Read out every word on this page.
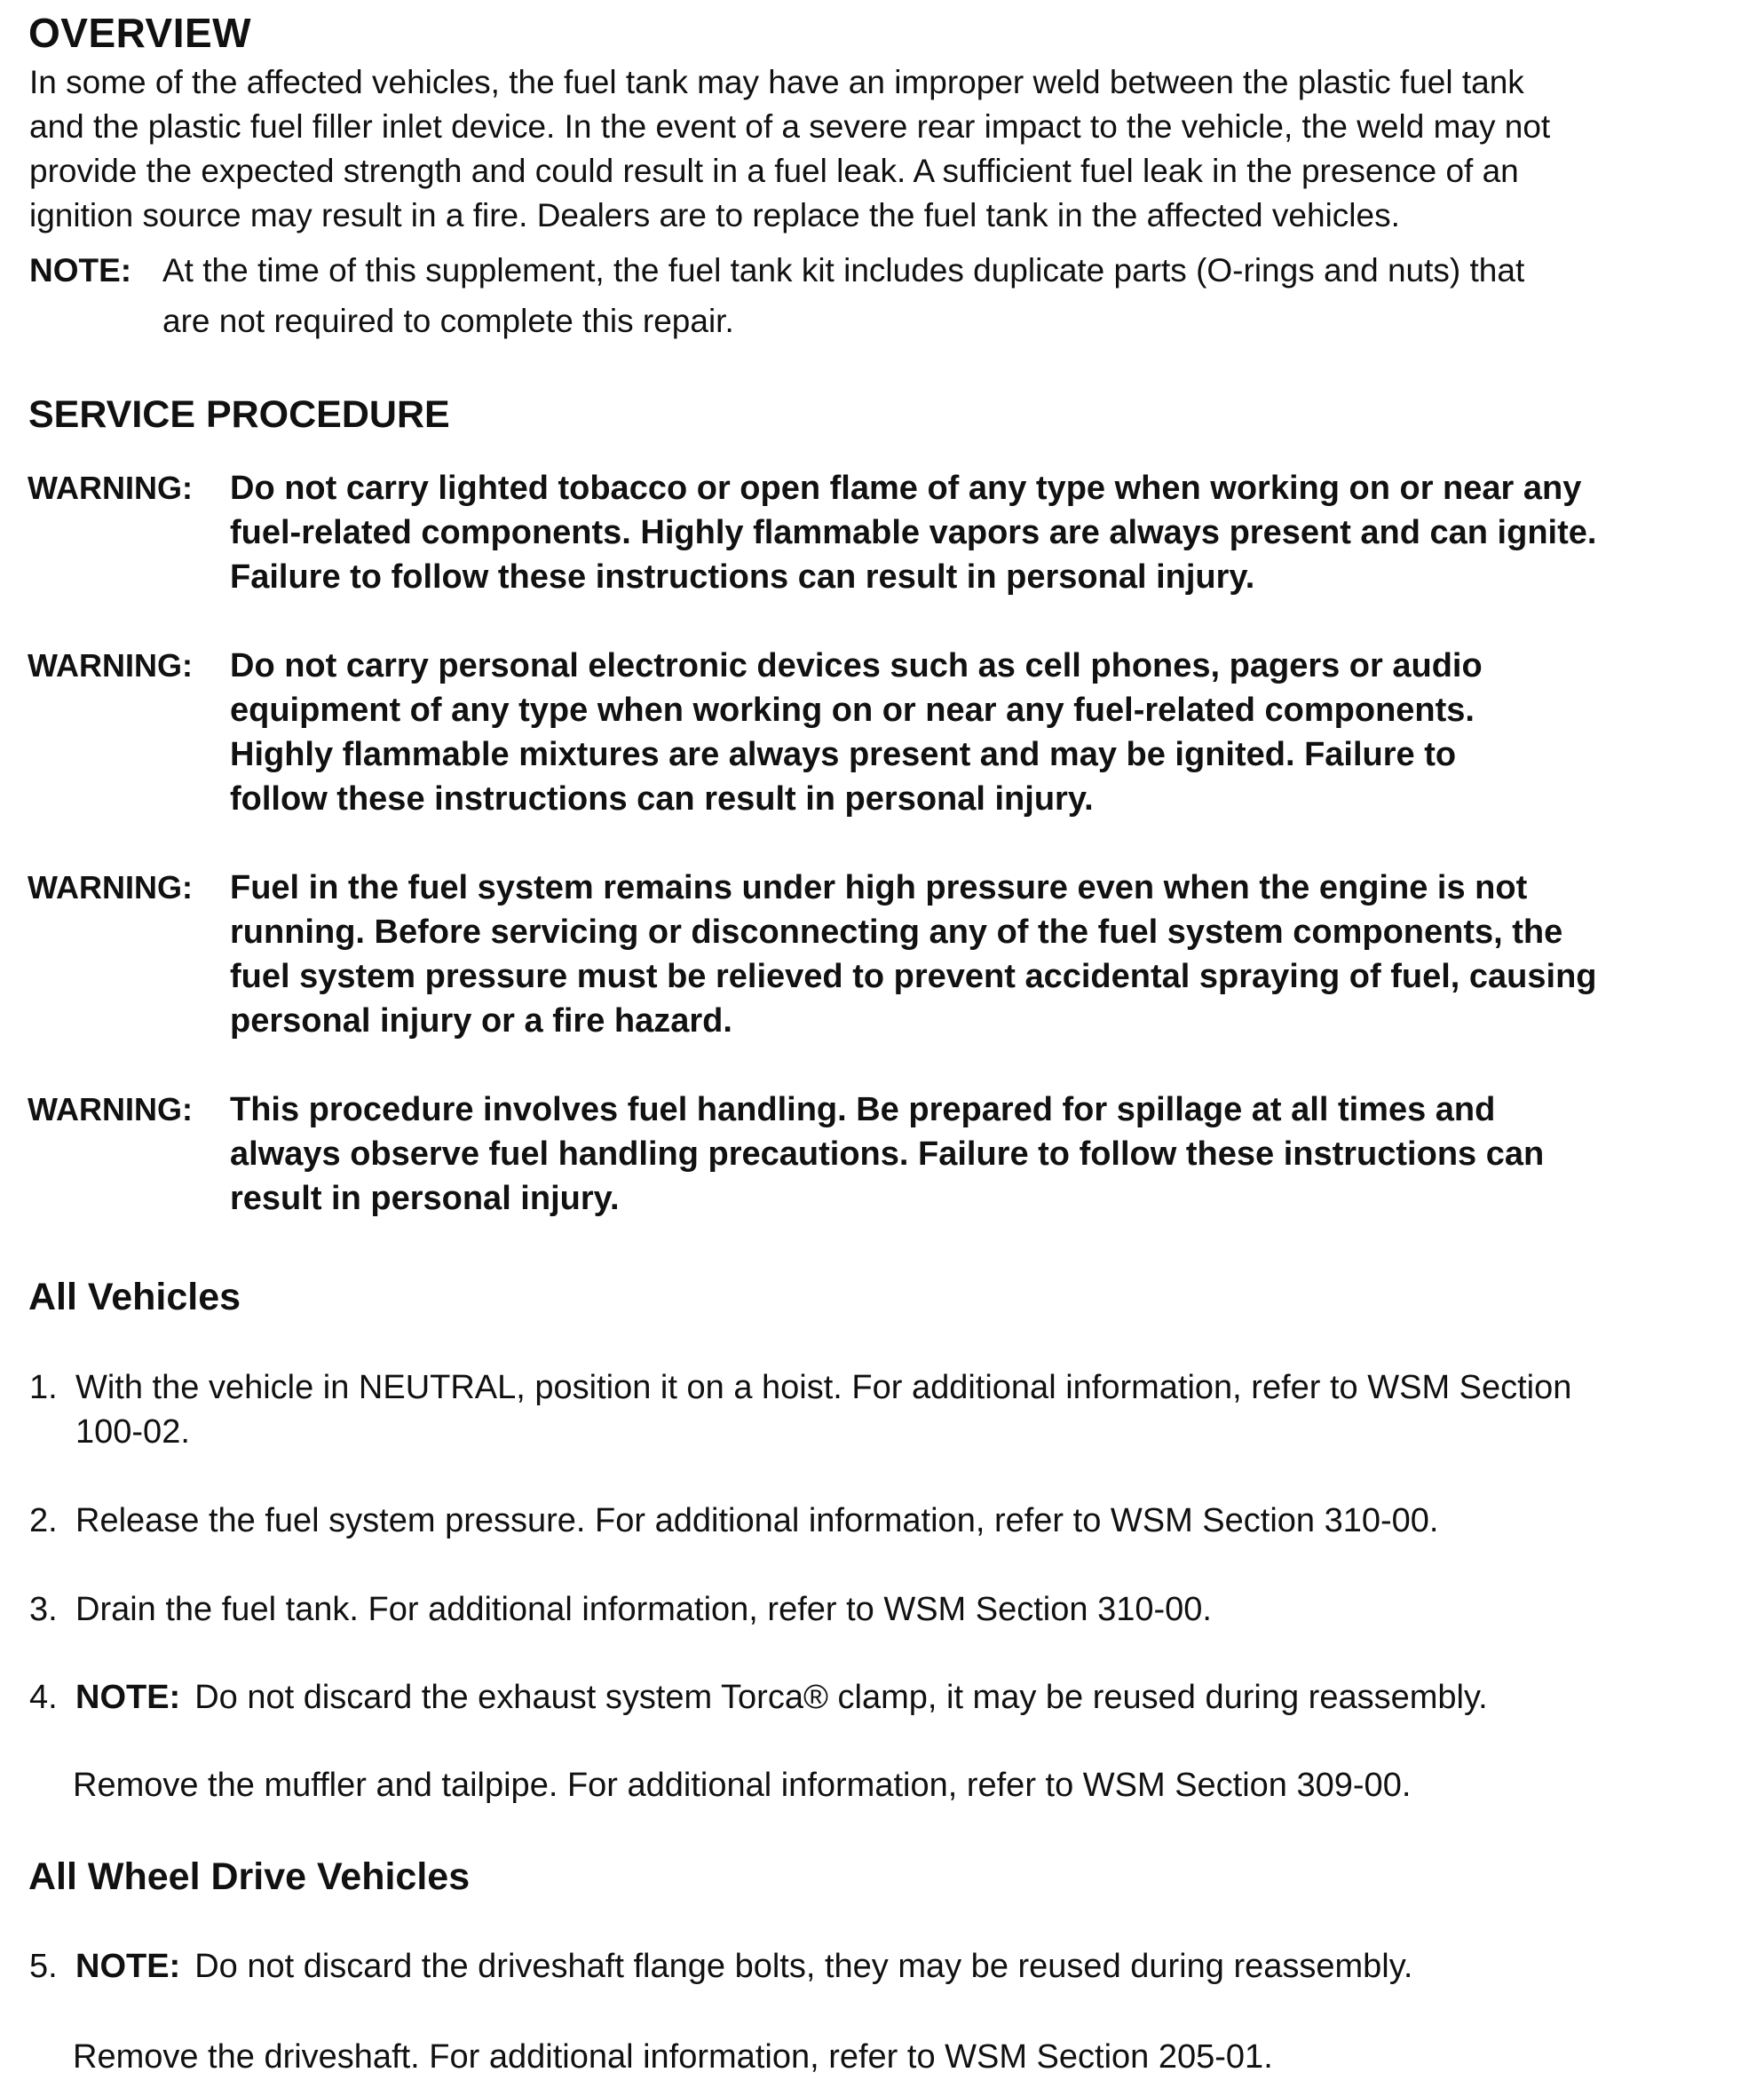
OVERVIEW
In some of the affected vehicles, the fuel tank may have an improper weld between the plastic fuel tank
and the plastic fuel filler inlet device. In the event of a severe rear impact to the vehicle, the weld may not
provide the expected strength and could result in a fuel leak. A sufficient fuel leak in the presence of an
ignition source may result in a fire. Dealers are to replace the fuel tank in the affected vehicles.
NOTE: At the time of this supplement, the fuel tank kit includes duplicate parts (O-rings and nuts) that
are not required to complete this repair.
SERVICE PROCEDURE
WARNING:	Do not carry lighted tobacco or open flame of any type when working on or near any
fuel-related components. Highly flammable vapors are always present and can ignite.
Failure to follow these instructions can result in personal injury.
WARNING:	Do not carry personal electronic devices such as cell phones, pagers or audio
equipment of any type when working on or near any fuel-related components.
Highly flammable mixtures are always present and may be ignited. Failure to
follow these instructions can result in personal injury.
WARNING:	Fuel in the fuel system remains under high pressure even when the engine is not
running. Before servicing or disconnecting any of the fuel system components, the
fuel system pressure must be relieved to prevent accidental spraying of fuel, causing
personal injury or a fire hazard.
WARNING:	This procedure involves fuel handling. Be prepared for spillage at all times and
always observe fuel handling precautions. Failure to follow these instructions can
result in personal injury.
All Vehicles
1. With the vehicle in NEUTRAL, position it on a hoist. For additional information, refer to WSM Section
100-02.
2. Release the fuel system pressure. For additional information, refer to WSM Section 310-00.
3. Drain the fuel tank. For additional information, refer to WSM Section 310-00.
4. NOTE: Do not discard the exhaust system Torca® clamp, it may be reused during reassembly.
Remove the muffler and tailpipe. For additional information, refer to WSM Section 309-00.
All Wheel Drive Vehicles
5. NOTE: Do not discard the driveshaft flange bolts, they may be reused during reassembly.
Remove the driveshaft. For additional information, refer to WSM Section 205-01.
